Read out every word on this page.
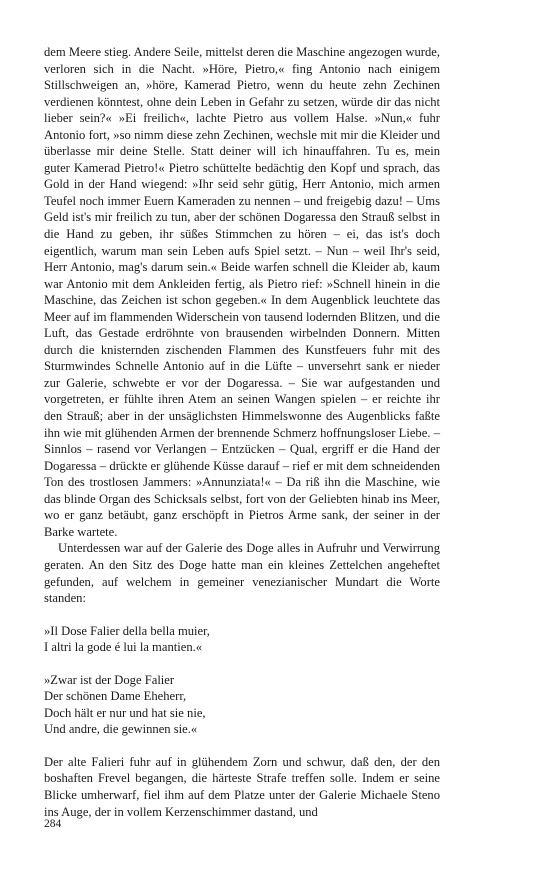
dem Meere stieg. Andere Seile, mittelst deren die Maschine angezogen wurde, verloren sich in die Nacht. »Höre, Pietro,« fing Antonio nach einigem Stillschweigen an, »höre, Kamerad Pietro, wenn du heute zehn Zechinen verdienen könntest, ohne dein Leben in Gefahr zu setzen, würde dir das nicht lieber sein?« »Ei freilich«, lachte Pietro aus vollem Halse. »Nun,« fuhr Antonio fort, »so nimm diese zehn Zechinen, wechsle mit mir die Kleider und überlasse mir deine Stelle. Statt deiner will ich hinauffahren. Tu es, mein guter Kamerad Pietro!« Pietro schüttelte bedächtig den Kopf und sprach, das Gold in der Hand wiegend: »Ihr seid sehr gütig, Herr Antonio, mich armen Teufel noch immer Euern Kameraden zu nennen – und freigebig dazu! – Ums Geld ist's mir freilich zu tun, aber der schönen Dogaressa den Strauß selbst in die Hand zu geben, ihr süßes Stimmchen zu hören – ei, das ist's doch eigentlich, warum man sein Leben aufs Spiel setzt. – Nun – weil Ihr's seid, Herr Antonio, mag's darum sein.« Beide warfen schnell die Kleider ab, kaum war Antonio mit dem Ankleiden fertig, als Pietro rief: »Schnell hinein in die Maschine, das Zeichen ist schon gegeben.« In dem Augenblick leuchtete das Meer auf im flammenden Widerschein von tausend lodernden Blitzen, und die Luft, das Gestade erdröhnte von brausenden wirbelnden Donnern. Mitten durch die knisternden zischenden Flammen des Kunstfeuers fuhr mit des Sturmwindes Schnelle Antonio auf in die Lüfte – unversehrt sank er nieder zur Galerie, schwebte er vor der Dogaressa. – Sie war aufgestanden und vorgetreten, er fühlte ihren Atem an seinen Wangen spielen – er reichte ihr den Strauß; aber in der unsäglichsten Himmelswonne des Augenblicks faßte ihn wie mit glühenden Armen der brennende Schmerz hoffnungsloser Liebe. – Sinnlos – rasend vor Verlangen – Entzücken – Qual, ergriff er die Hand der Dogaressa – drückte er glühende Küsse darauf – rief er mit dem schneidenden Ton des trostlosen Jammers: »Annunziata!« – Da riß ihn die Maschine, wie das blinde Organ des Schicksals selbst, fort von der Geliebten hinab ins Meer, wo er ganz betäubt, ganz erschöpft in Pietros Arme sank, der seiner in der Barke wartete.

Unterdessen war auf der Galerie des Doge alles in Aufruhr und Verwirrung geraten. An den Sitz des Doge hatte man ein kleines Zettelchen angeheftet gefunden, auf welchem in gemeiner venezianischer Mundart die Worte standen:

»Il Dose Falier della bella muier,
I altri la gode é lui la mantien.«
»Zwar ist der Doge Falier
Der schönen Dame Eheherr,
Doch hält er nur und hat sie nie,
Und andre, die gewinnen sie.«

Der alte Falieri fuhr auf in glühendem Zorn und schwur, daß den, der den boshaften Frevel begangen, die härteste Strafe treffen solle. Indem er seine Blicke umherwarf, fiel ihm auf dem Platze unter der Galerie Michaele Steno ins Auge, der in vollem Kerzenschimmer dastand, und

284
